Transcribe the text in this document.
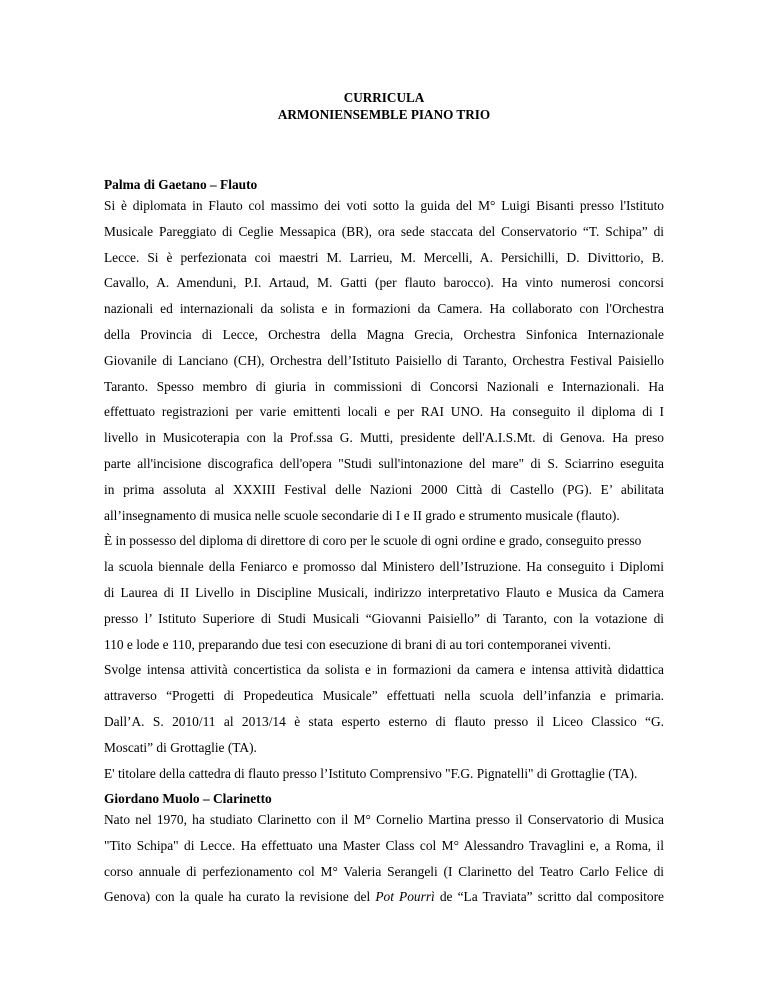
CURRICULA
ARMONIENSEMBLE PIANO TRIO
Palma di Gaetano – Flauto
Si è diplomata in Flauto col massimo dei voti sotto la guida del M° Luigi Bisanti presso l'Istituto
Musicale Pareggiato di Ceglie Messapica (BR), ora sede staccata del Conservatorio “T. Schipa” di
Lecce. Si è perfezionata coi maestri M. Larrieu, M. Mercelli, A. Persichilli, D. Divittorio, B.
Cavallo, A. Amenduni, P.I. Artaud, M. Gatti (per flauto barocco). Ha vinto numerosi concorsi
nazionali ed internazionali da solista e in formazioni da Camera. Ha collaborato con l'Orchestra
della Provincia di Lecce, Orchestra della Magna Grecia, Orchestra Sinfonica Internazionale
Giovanile di Lanciano (CH), Orchestra dell’Istituto Paisiello di Taranto, Orchestra Festival Paisiello
Taranto. Spesso membro di giuria in commissioni di Concorsi Nazionali e Internazionali. Ha
effettuato registrazioni per varie emittenti locali e per RAI UNO. Ha conseguito il diploma di I
livello in Musicoterapia con la Prof.ssa G. Mutti, presidente dell'A.I.S.Mt. di Genova. Ha preso
parte all'incisione discografica dell'opera "Studi sull'intonazione del mare" di S. Sciarrino eseguita
in prima assoluta al XXXIII Festival delle Nazioni 2000 Città di Castello (PG). E’ abilitata
all’insegnamento di musica nelle scuole secondarie di I e II grado e strumento musicale (flauto).
È in possesso del diploma di direttore di coro per le scuole di ogni ordine e grado, conseguito presso
la scuola biennale della Feniarco e promosso dal Ministero dell’Istruzione. Ha conseguito i Diplomi
di Laurea di II Livello in Discipline Musicali, indirizzo interpretativo Flauto e Musica da Camera
presso l’ Istituto Superiore di Studi Musicali “Giovanni Paisiello” di Taranto, con la votazione di
110 e lode e 110, preparando due tesi con esecuzione di brani di au tori contemporanei viventi.
Svolge intensa attività concertistica da solista e in formazioni da camera e intensa attività didattica
attraverso “Progetti di Propedeutica Musicale” effettuati nella scuola dell’infanzia e primaria.
Dall’A. S. 2010/11 al 2013/14 è stata esperto esterno di flauto presso il Liceo Classico “G.
Moscati” di Grottaglie (TA).
E' titolare della cattedra di flauto presso l’Istituto Comprensivo "F.G. Pignatelli" di Grottaglie (TA).
Giordano Muolo – Clarinetto
Nato nel 1970, ha studiato Clarinetto con il M° Cornelio Martina presso il Conservatorio di Musica
"Tito Schipa" di Lecce. Ha effettuato una Master Class col M° Alessandro Travaglini e, a Roma, il
corso annuale di perfezionamento col M° Valeria Serangeli (I Clarinetto del Teatro Carlo Felice di
Genova) con la quale ha curato la revisione del Pot Pourrì de “La Traviata” scritto dal compositore
